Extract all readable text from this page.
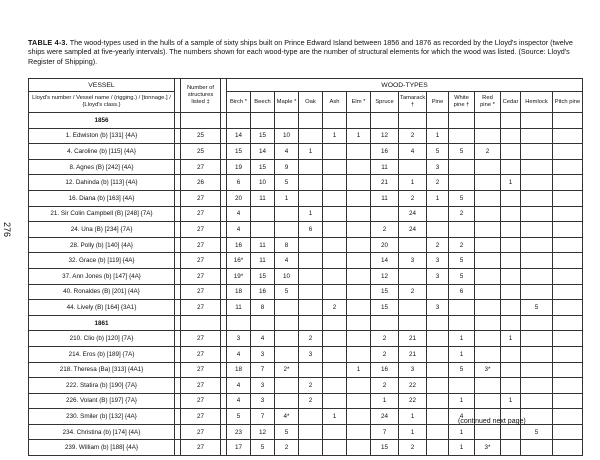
276
TABLE 4-3. The wood-types used in the hulls of a sample of sixty ships built on Prince Edward Island between 1856 and 1876 as recorded by the Lloyd's inspector (twelve ships were sampled at five-yearly intervals). The numbers shown for each wood-type are the number of structural elements for which the wood was listed. (Source: Lloyd's Register of Shipping).
VESSEL		Number of structures listed ‡		WOOD-TYPES													
Lloyd's number / Vessel name / (rigging.) / [tonnage.] / {Lloyd's class.}				Birch *	Beech	Maple *	Oak	Ash	Elm *	Spruce	Tamarack †	Pine	White pine †	Red pine *	Cedar	Hemlock	Pitch pine
1856																	
1. Edwiston (b) [131] {4A}		25		14	15	10		1	1	12	2	1					
4. Caroline (b) [115] {4A}		25		15	14	4	1			16	4	5	5	2			
8. Agnes (B) [242] {4A}		27		19	15	9				11		3					
12. Dahinda (b) [113] {4A}		26		6	10	5				21	1	2			1		
16. Diana (b) [163] {4A}		27		20	11	1				11	2	1	5				
21. Sir Colin Campbell (B) [248] {7A}		27		4			1				24		2				
24. Una (B) [234] {7A}		27		4			6			2	24						
28. Polly (b) [140] {4A}		27		16	11	8				20		2	2				
32. Grace (b) [119] {4A}		27		16*	11	4				14	3	3	5				
37. Ann Jones (b) [147] {4A}		27		19*	15	10				12		3	5				
40. Ronaldes (B) [201] {4A}		27		18	16	5				15	2		6				
44. Lively (B) [164] {3A1}		27		11	8			2		15		3				5	
1861																	
210. Clio (b) [120] {7A}		27		3	4		2			2	21		1		1		
214. Eros (b) [189] {7A}		27		4	3		3			2	21		1				
218. Theresa (Ba) [313] {4A1}		27		18	7	2*			1	16	3		5	3*			
222. Statira (b) [190] {7A}		27		4	3		2			2	22						
226. Volant (B) [197] {7A}		27		4	3		2			1	22		1		1		
230. Smiler (b) [132] {4A}		27		5	7	4*		1		24	1		4				
234. Christina (b) [174] {4A}		27		23	12	5				7	1		1			5	
239. William (b) [188] {4A}		27		17	5	2				15	2		1	3*			
(continued next page)
